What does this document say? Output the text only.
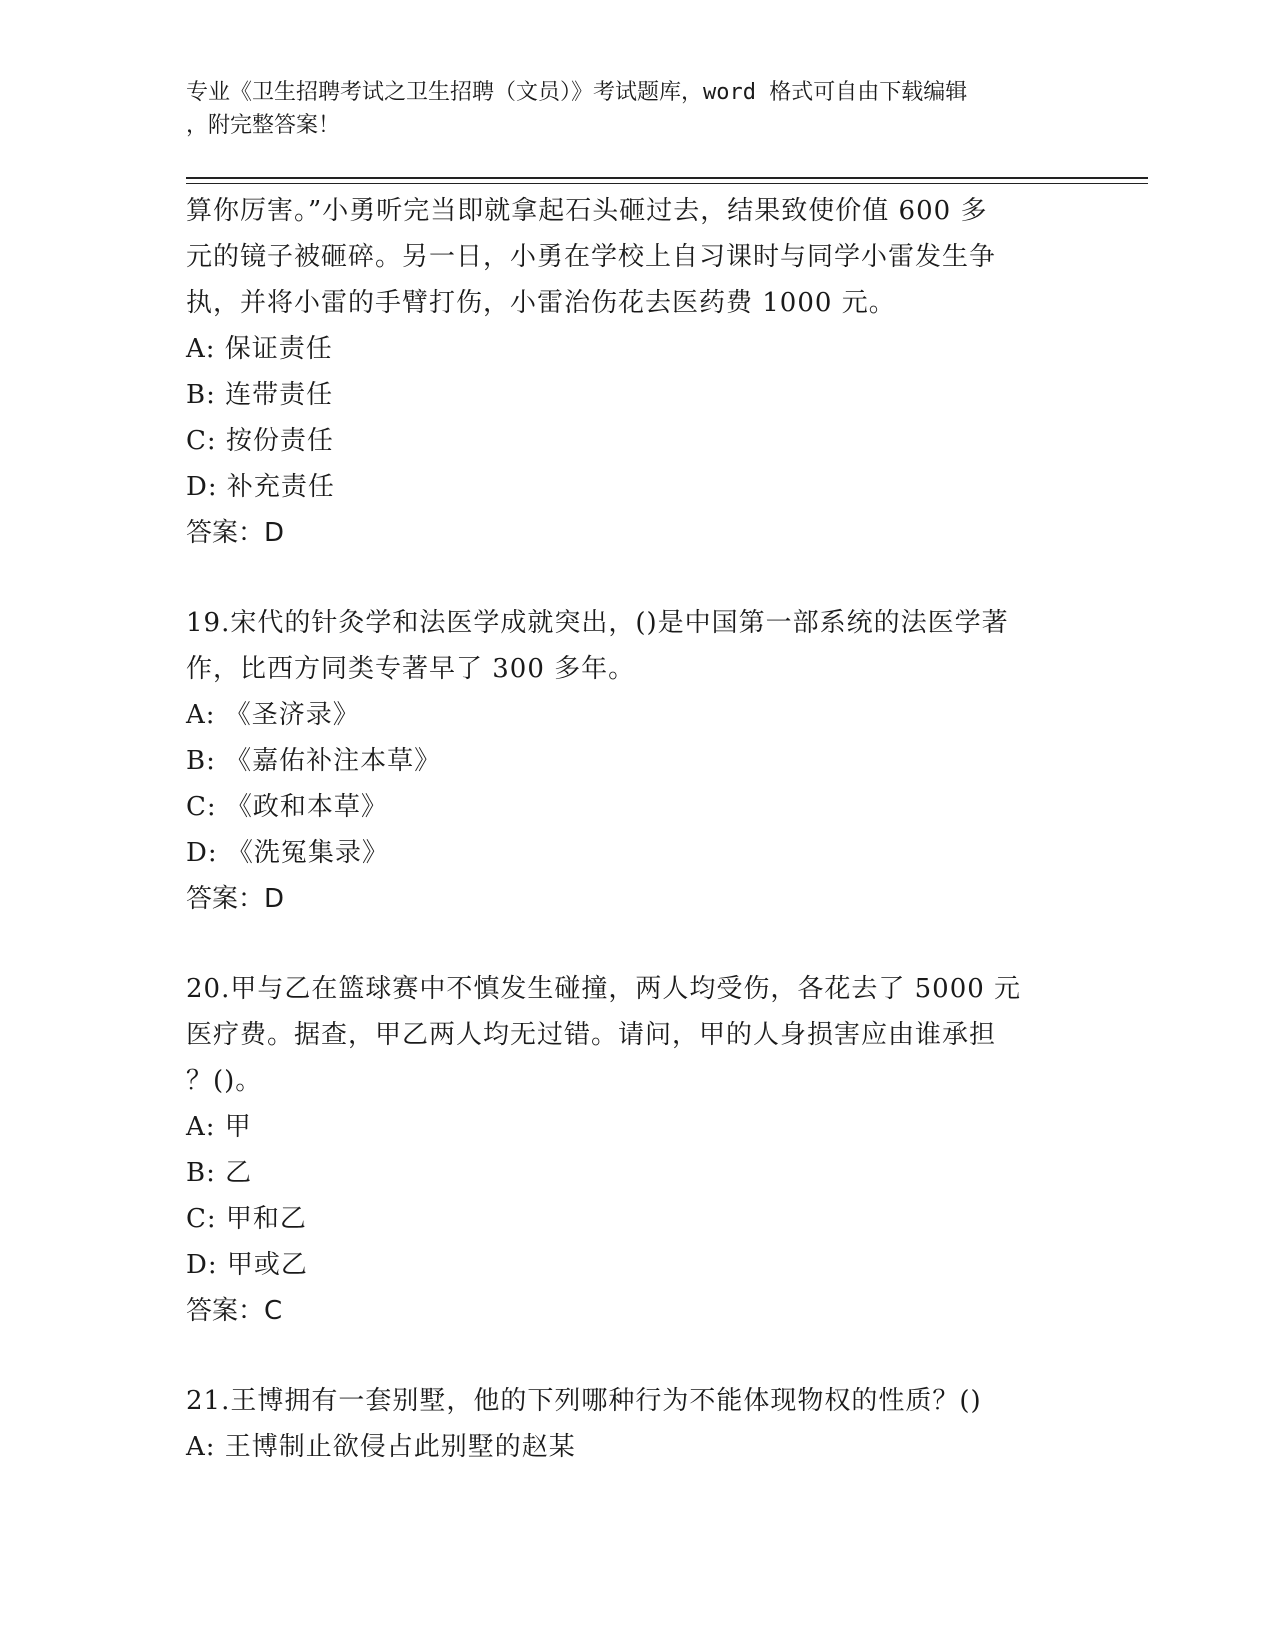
专业《卫生招聘考试之卫生招聘（文员）》考试题库，word 格式可自由下载编辑
，附完整答案！
算你厉害。”小勇听完当即就拿起石头砸过去，结果致使价值 600 多
元的镜子被砸碎。另一日，小勇在学校上自习课时与同学小雷发生争
执，并将小雷的手臂打伤，小雷治伤花去医药费 1000 元。
A: 保证责任
B: 连带责任
C: 按份责任
D: 补充责任
答案：D
19.宋代的针灸学和法医学成就突出，()是中国第一部系统的法医学著
作，比西方同类专著早了 300 多年。
A: 《圣济录》
B: 《嘉佑补注本草》
C: 《政和本草》
D: 《洗冤集录》
答案：D
20.甲与乙在篮球赛中不慎发生碰撞，两人均受伤，各花去了 5000 元
医疗费。据查，甲乙两人均无过错。请问，甲的人身损害应由谁承担
？()。
A: 甲
B: 乙
C: 甲和乙
D: 甲或乙
答案：C
21.王博拥有一套别墅，他的下列哪种行为不能体现物权的性质？()
A: 王博制止欲侵占此别墅的赵某
